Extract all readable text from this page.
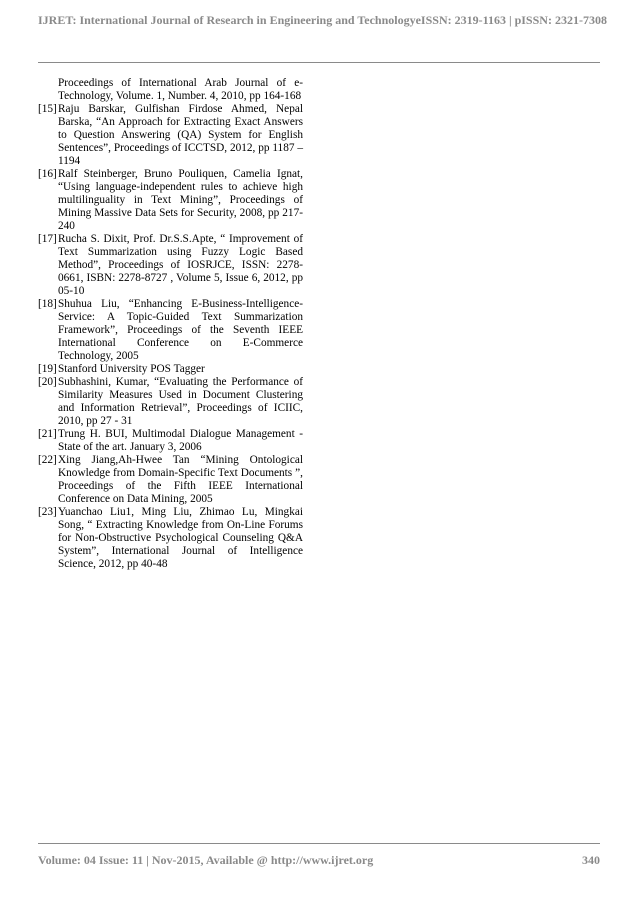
IJRET: International Journal of Research in Engineering and Technology eISSN: 2319-1163 | pISSN: 2321-7308
Proceedings of International Arab Journal of e-Technology, Volume. 1, Number. 4, 2010, pp 164-168
[15] Raju Barskar, Gulfishan Firdose Ahmed, Nepal Barska, “An Approach for Extracting Exact Answers to Question Answering (QA) System for English Sentences”, Proceedings of ICCTSD, 2012, pp 1187 – 1194
[16] Ralf Steinberger, Bruno Pouliquen, Camelia Ignat, “Using language-independent rules to achieve high multilinguality in Text Mining”, Proceedings of Mining Massive Data Sets for Security, 2008, pp 217-240
[17] Rucha S. Dixit, Prof. Dr.S.S.Apte, “ Improvement of Text Summarization using Fuzzy Logic Based Method”, Proceedings of IOSRJCE, ISSN: 2278-0661, ISBN: 2278-8727 , Volume 5, Issue 6, 2012, pp 05-10
[18] Shuhua Liu, “Enhancing E-Business-Intelligence-Service: A Topic-Guided Text Summarization Framework”, Proceedings of the Seventh IEEE International Conference on E-Commerce Technology, 2005
[19] Stanford University POS Tagger
[20] Subhashini, Kumar, “Evaluating the Performance of Similarity Measures Used in Document Clustering and Information Retrieval”, Proceedings of ICIIC, 2010, pp 27 - 31
[21] Trung H. BUI, Multimodal Dialogue Management - State of the art. January 3, 2006
[22] Xing Jiang,Ah-Hwee Tan “Mining Ontological Knowledge from Domain-Specific Text Documents ”, Proceedings of the Fifth IEEE International Conference on Data Mining, 2005
[23] Yuanchao Liu1, Ming Liu, Zhimao Lu, Mingkai Song, “ Extracting Knowledge from On-Line Forums for Non-Obstructive Psychological Counseling Q&A System”, International Journal of Intelligence Science, 2012, pp 40-48
Volume: 04 Issue: 11 | Nov-2015, Available @ http://www.ijret.org	340
